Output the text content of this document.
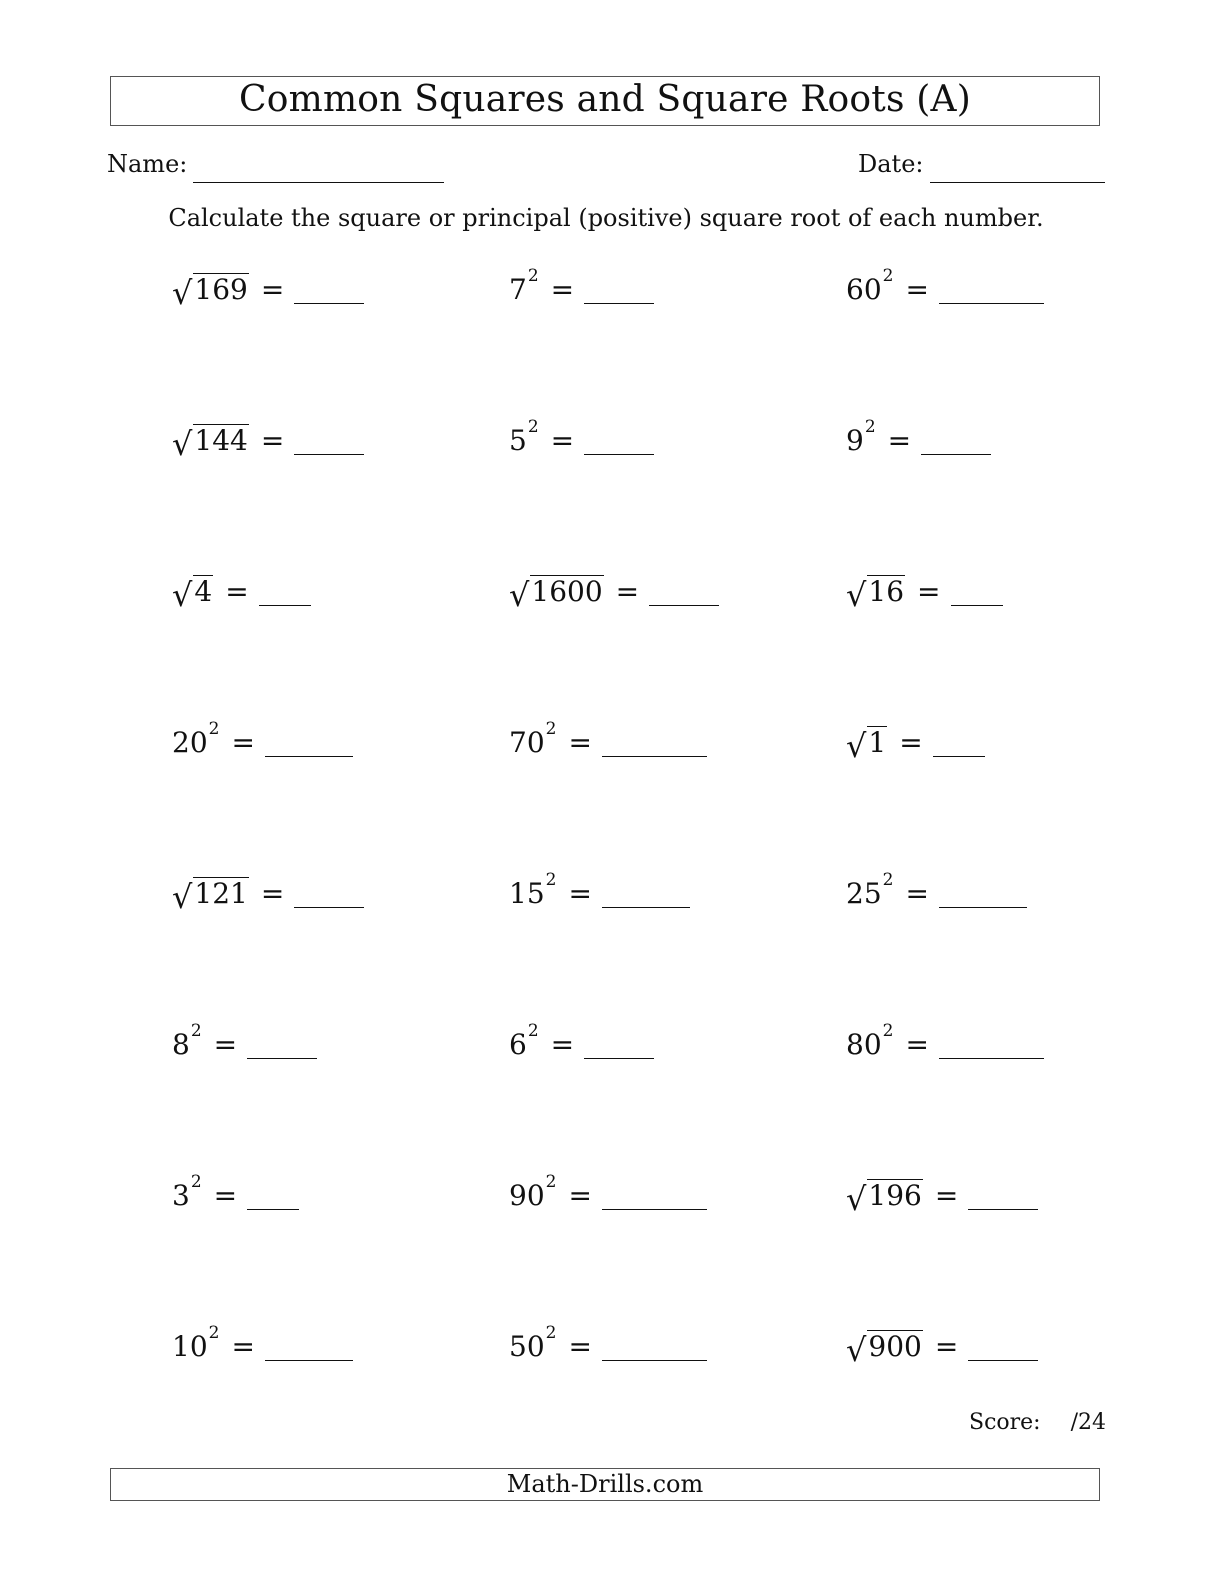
Common Squares and Square Roots (A)
Name:	Date:
Calculate the square or principal (positive) square root of each number.
√ 169 =	$7^2$ =	$60^2$ =
√ 144 =	$5^2$ =	$9^2$ =
√ 4 =	√ 1600 =	√ 16 =
$20^2$ =	$70^2$ =	√ 1 =
√ 121 =	$15^2$ =	$25^2$ =
$8^2$ =	$6^2$ =	$80^2$ =
$3^2$ =	$90^2$ =	√ 196 =
$10^2$ =	$50^2$ =	√ 900 =
Score: /24
Math-Drills.com
